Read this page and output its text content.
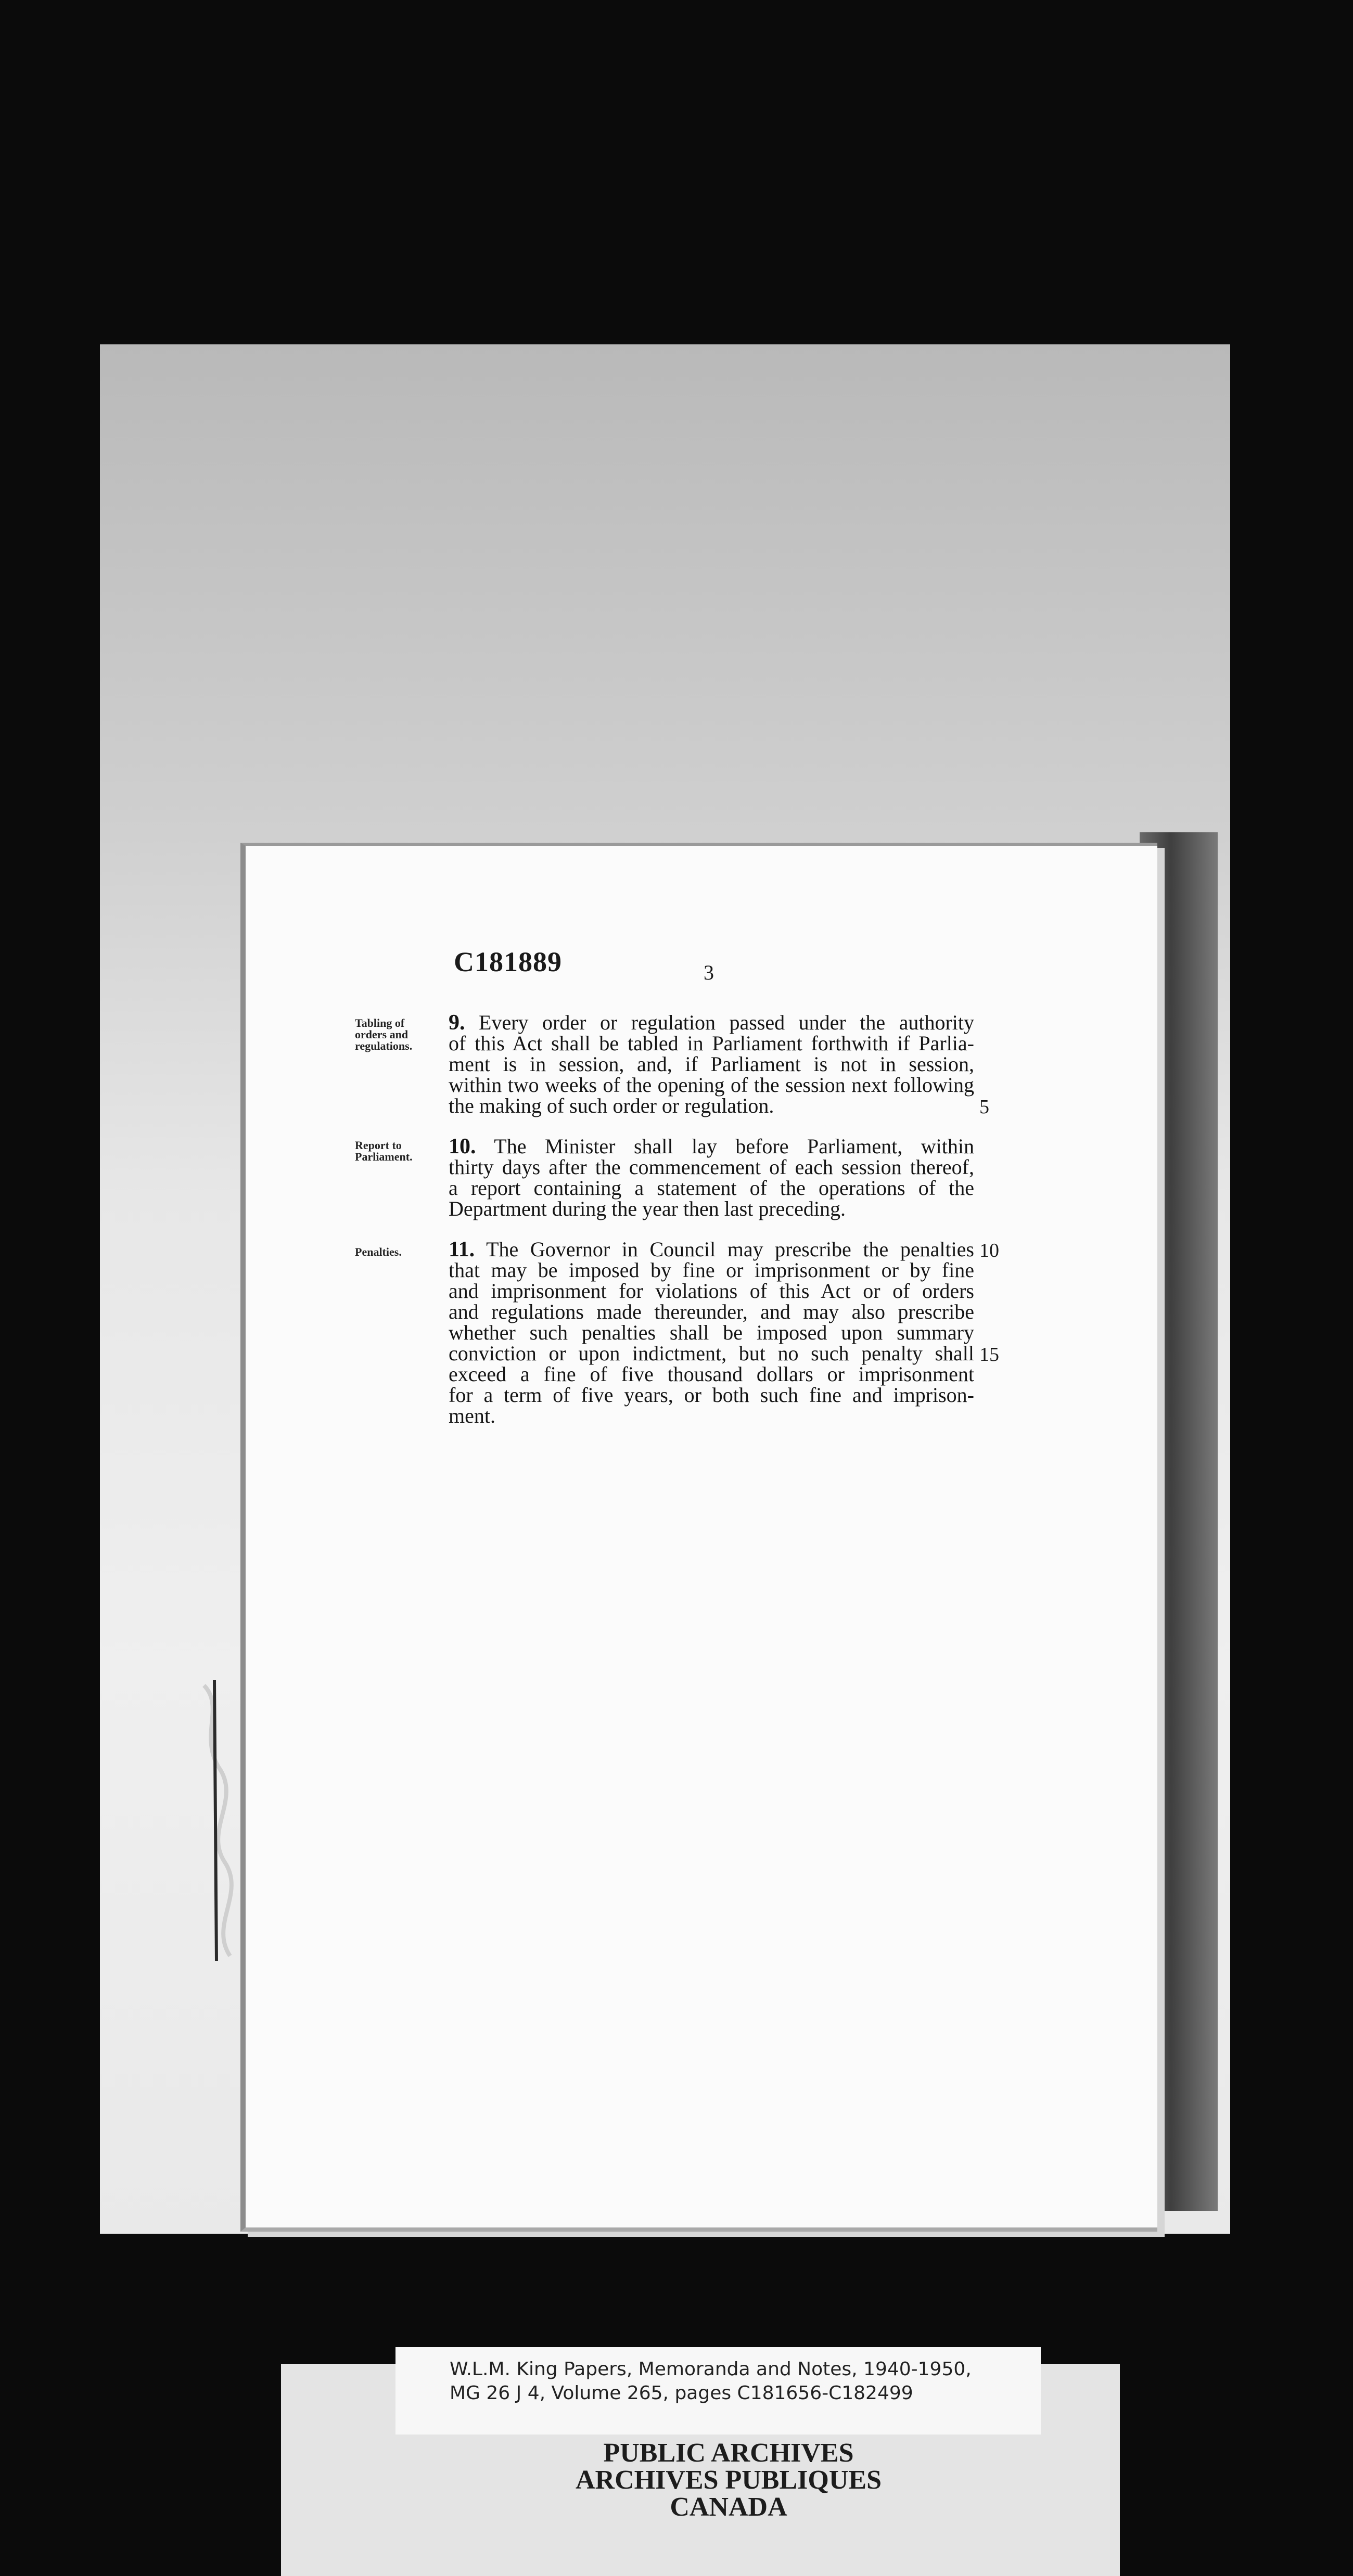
C181889	3
Tabling of
orders and
regulations.
9. Every order or regulation passed under the authority
of this Act shall be tabled in Parliament forthwith if Parlia-
ment is in session, and, if Parliament is not in session,
within two weeks of the opening of the session next following
the making of such order or regulation.	5
Report to
Parliament.	10. The Minister shall lay before Parliament, within
thirty days after the commencement of each session thereof,
a report containing a statement of the operations of the
Department during the year then last preceding.
Penalties.	11. The Governor in Council may prescribe the penalties
that may be imposed by fine or imprisonment or by fine
and imprisonment for violations of this Act or of orders
and regulations made thereunder, and may also prescribe
whether such penalties shall be imposed upon summary
conviction or upon indictment, but no such penalty shall
exceed a fine of five thousand dollars or imprisonment
for a term of five years, or both such fine and imprison-
ment.
10
15
W.L.M. King Papers, Memoranda and Notes, 1940-1950,
MG 26 J 4, Volume 265, pages C181656-C182499
PUBLIC ARCHIVES
ARCHIVES PUBLIQUES
CANADA
